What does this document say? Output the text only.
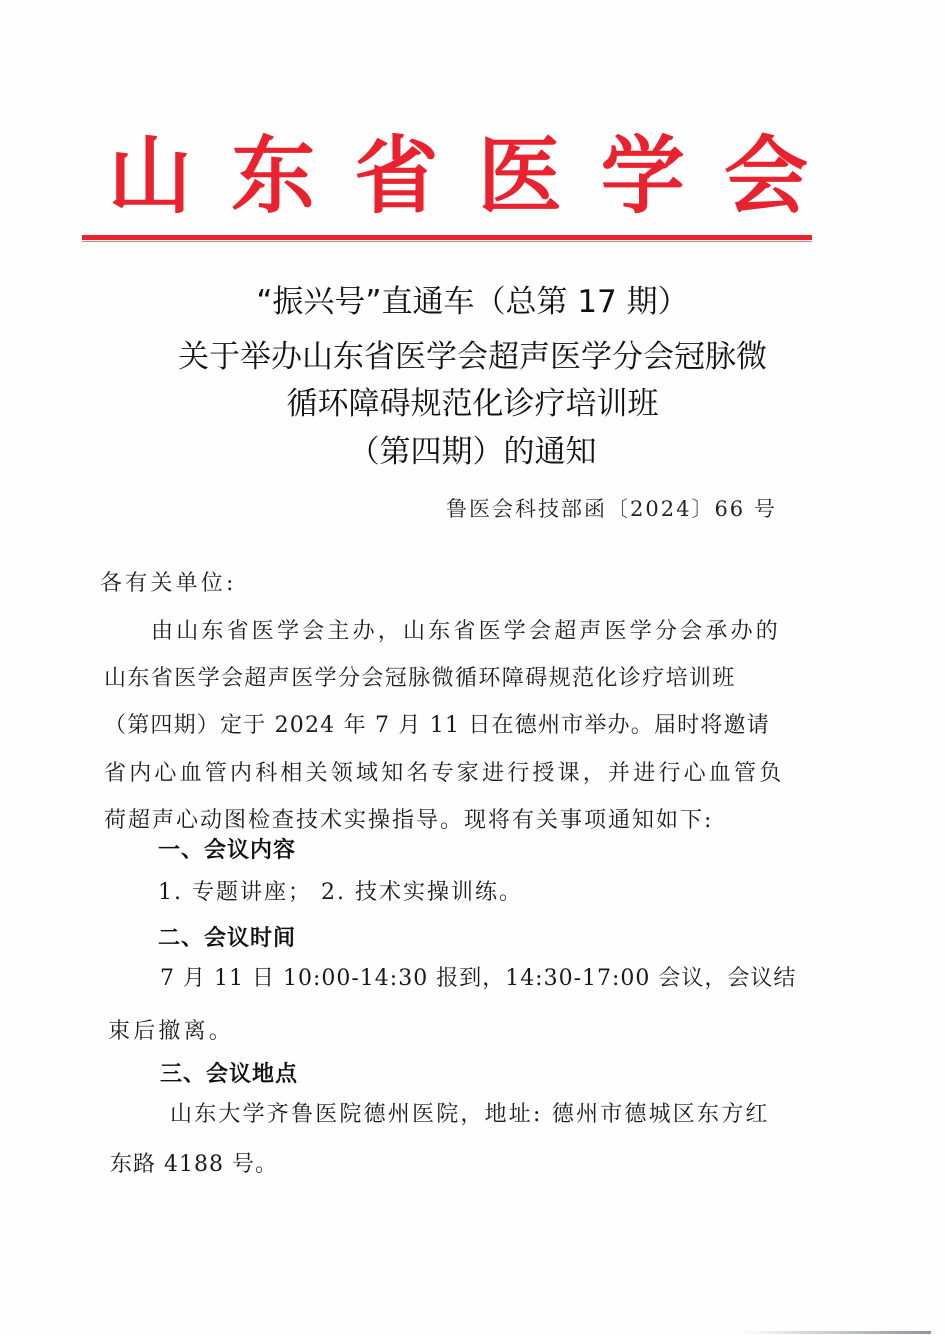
山 东 省 医 学 会
“振兴号”直通车（总第 17 期）
关于举办山东省医学会超声医学分会冠脉微
循环障碍规范化诊疗培训班
（第四期）的通知
鲁医会科技部函〔2024〕66 号
各有关单位:
由山东省医学会主办，山东省医学会超声医学分会承办的
山东省医学会超声医学分会冠脉微循环障碍规范化诊疗培训班
（第四期）定于 2024 年 7 月 11 日在德州市举办。届时将邀请
省内心血管内科相关领域知名专家进行授课，并进行心血管负
荷超声心动图检查技术实操指导。现将有关事项通知如下:
一、会议内容
1. 专题讲座； 2. 技术实操训练。
二、会议时间
7 月 11 日 10:00-14:30 报到，14:30-17:00 会议，会议结
束后撤离。
三、会议地点
山东大学齐鲁医院德州医院，地址: 德州市德城区东方红
东路 4188 号。
